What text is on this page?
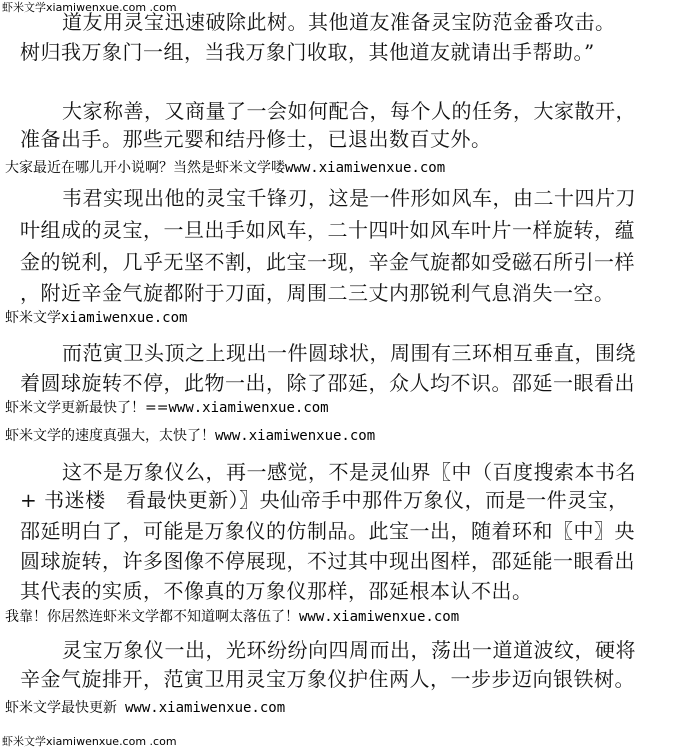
虾米文学xiamiwenxue.com .com
道友用灵宝迅速破除此树。其他道友准备灵宝防范金番攻击。
树归我万象门一组，当我万象门收取，其他道友就请出手帮助。”
大家称善，又商量了一会如何配合，每个人的任务，大家散开，
准备出手。那些元婴和结丹修士，已退出数百丈外。
大家最近在哪儿开小说啊？当然是虾米文学喽www.xiamiwenxue.com
韦君实现出他的灵宝千锋刃，这是一件形如风车，由二十四片刀
叶组成的灵宝，一旦出手如风车，二十四叶如风车叶片一样旋转，蕴
金的锐利，几乎无坚不割，此宝一现，辛金气旋都如受磁石所引一样
，附近辛金气旋都附于刀面，周围二三丈内那锐利气息消失一空。
虾米文学xiamiwenxue.com
而范寅卫头顶之上现出一件圆球状，周围有三环相互垂直，围绕
着圆球旋转不停，此物一出，除了邵延，众人均不识。邵延一眼看出
虾米文学更新最快了！==www.xiamiwenxue.com
虾米文学的速度真强大，太快了！www.xiamiwenxue.com
这不是万象仪么，再一感觉，不是灵仙界〖中（百度搜索本书名
+ 书迷楼　看最快更新）〗央仙帝手中那件万象仪，而是一件灵宝，
邵延明白了，可能是万象仪的仿制品。此宝一出，随着环和〖中〗央
圆球旋转，许多图像不停展现，不过其中现出图样，邵延能一眼看出
其代表的实质，不像真的万象仪那样，邵延根本认不出。
我靠！你居然连虾米文学都不知道啊太落伍了！www.xiamiwenxue.com
灵宝万象仪一出，光环纷纷向四周而出，荡出一道道波纹，硬将
辛金气旋排开，范寅卫用灵宝万象仪护住两人，一步步迈向银铁树。
虾米文学最快更新 www.xiamiwenxue.com
虾米文学xiamiwenxue.com .com
